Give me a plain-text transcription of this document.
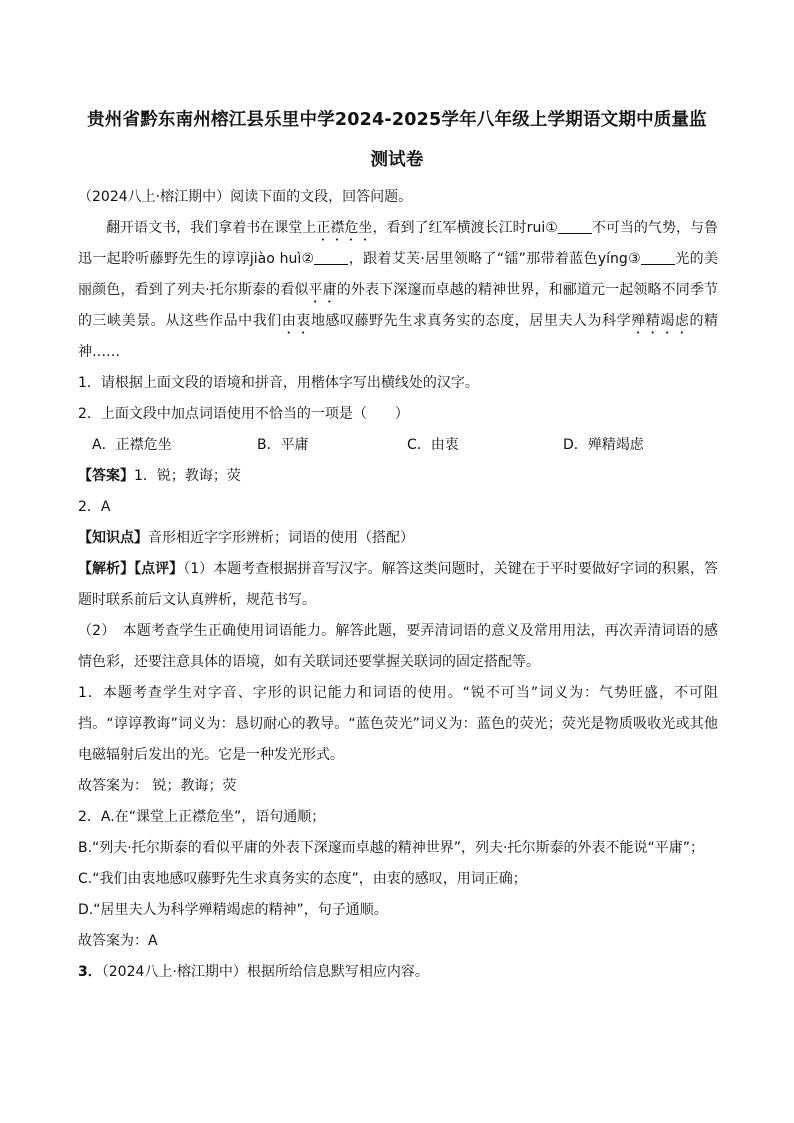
贵州省黔东南州榕江县乐里中学2024-2025学年八年级上学期语文期中质量监
测试卷
（2024八上·榕江期中）阅读下面的文段，回答问题。

翻开语文书，我们拿着书在课堂上正襟危坐，看到了红军横渡长江时rui① 不可当的气势，与鲁迅一起聆听藤野先生的谆谆jiào huì② ，跟着艾芙·居里领略了“镭”那带着蓝色yíng③ 光的美丽颜色，看到了列夫·托尔斯泰的看似平庸的外表下深邃而卓越的精神世界，和郦道元一起领略不同季节的三峡美景。从这些作品中我们由衷地感叹藤野先生求真务实的态度，居里夫人为科学殚精竭虑的精神……

1．请根据上面文段的语境和拼音，用楷体字写出横线处的汉字。
2．上面文段中加点词语使用不恰当的一项是（　　）
A．正襟危坐	B．平庸	C．由衷	D．殚精竭虑
【答案】1．锐；教诲；荧
2．A
【知识点】音形相近字字形辨析；词语的使用（搭配）

【解析】【点评】（1）本题考查根据拼音写汉字。解答这类问题时，关键在于平时要做好字词的积累，答题时联系前后文认真辨析，规范书写。

（2）　本题考查学生正确使用词语能力。解答此题，要弄清词语的意义及常用用法，再次弄清词语的感情色彩，还要注意具体的语境，如有关联词还要掌握关联词的固定搭配等。

1．本题考查学生对字音、字形的识记能力和词语的使用。“锐不可当”词义为：气势旺盛，不可阻挡。“谆谆教诲”词义为：恳切耐心的教导。“蓝色荧光”词义为：蓝色的荧光；荧光是物质吸收光或其他电磁辐射后发出的光。它是一种发光形式。

故答案为： 锐；教诲；荧
2．A.在“课堂上正襟危坐”，语句通顺；

B.“列夫·托尔斯泰的看似平庸的外表下深邃而卓越的精神世界”，列夫·托尔斯泰的外表不能说“平庸”；

C.“我们由衷地感叹藤野先生求真务实的态度”，由衷的感叹，用词正确；
D.“居里夫人为科学殚精竭虑的精神”，句子通顺。
故答案为：A
3．（2024八上·榕江期中）根据所给信息默写相应内容。
